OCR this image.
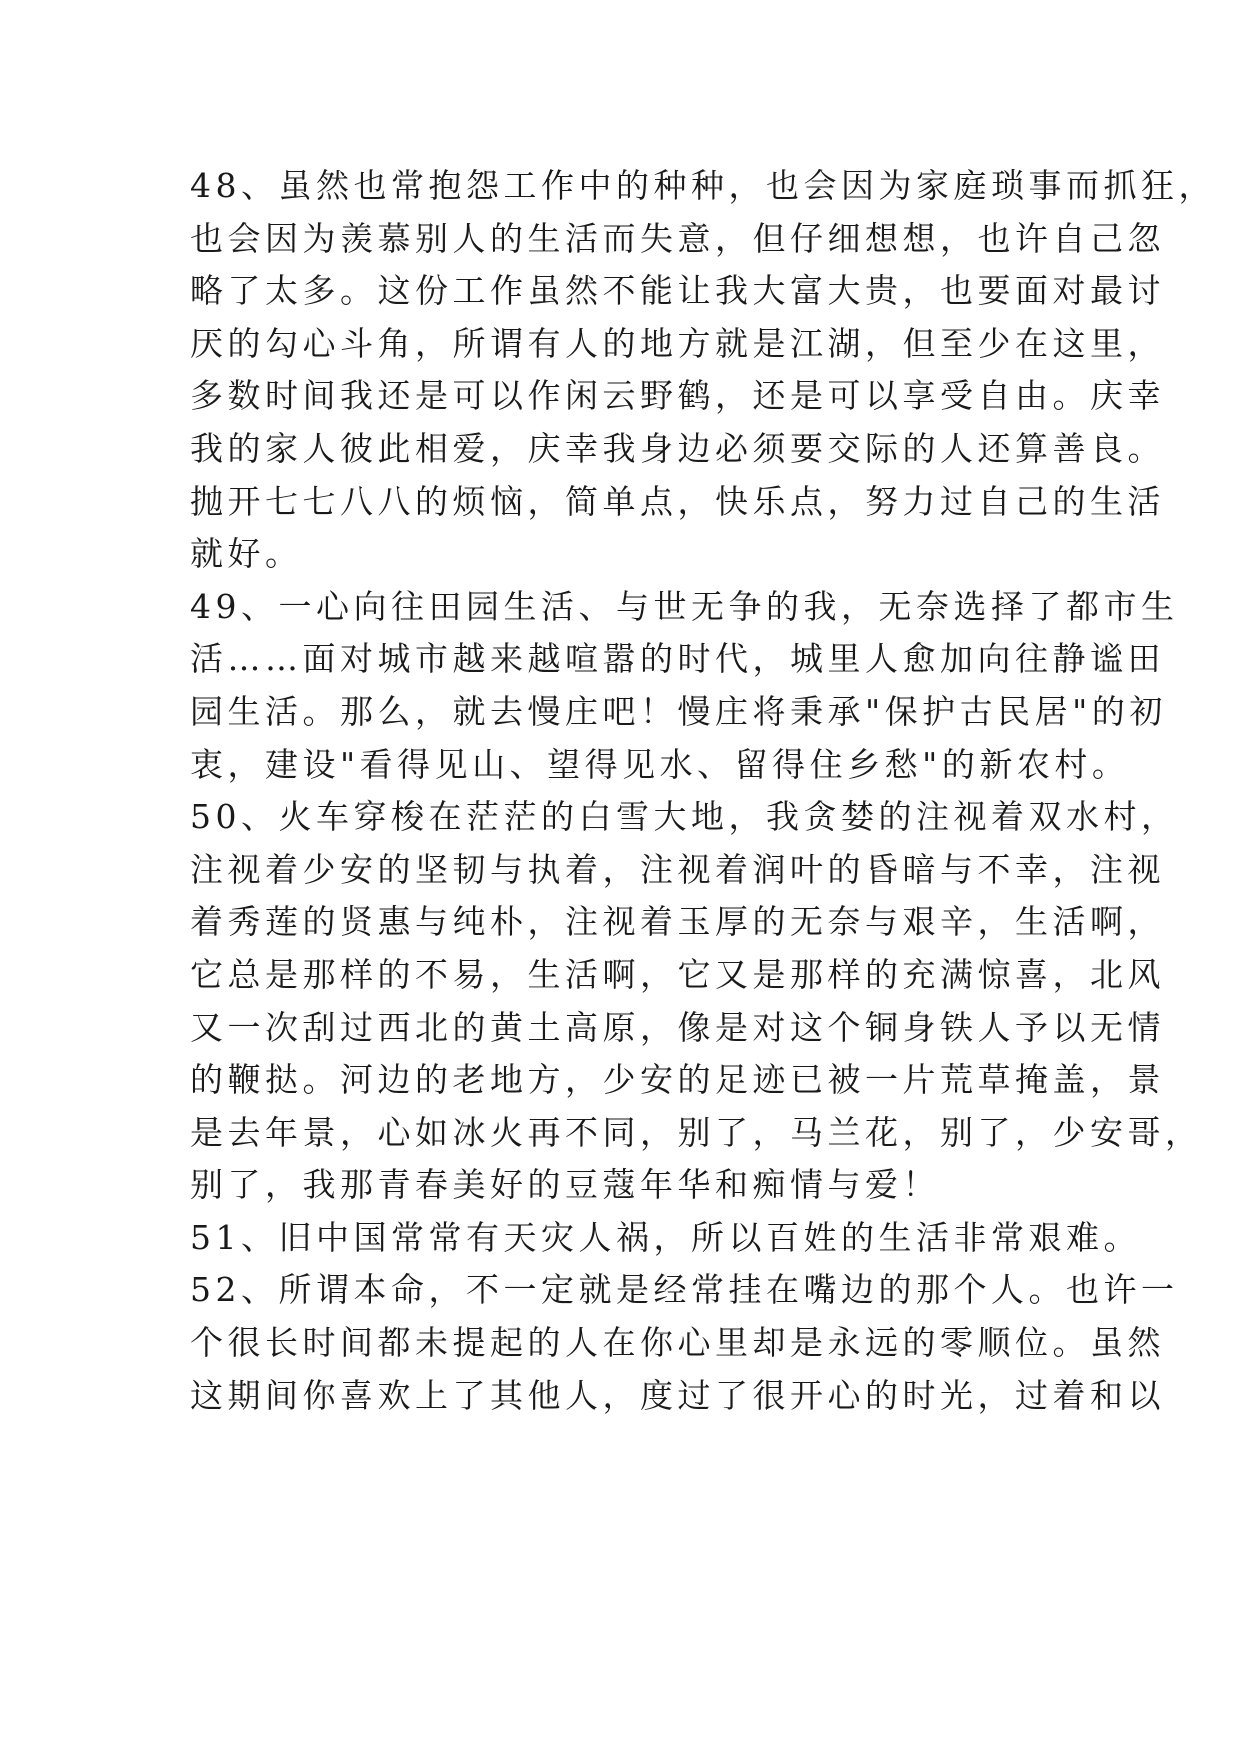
48、虽然也常抱怨工作中的种种，也会因为家庭琐事而抓狂，
也会因为羡慕别人的生活而失意，但仔细想想，也许自己忽
略了太多。这份工作虽然不能让我大富大贵，也要面对最讨
厌的勾心斗角，所谓有人的地方就是江湖，但至少在这里，
多数时间我还是可以作闲云野鹤，还是可以享受自由。庆幸
我的家人彼此相爱，庆幸我身边必须要交际的人还算善良。
抛开七七八八的烦恼，简单点，快乐点，努力过自己的生活
就好。
49、一心向往田园生活、与世无争的我，无奈选择了都市生
活……面对城市越来越喧嚣的时代，城里人愈加向往静谧田
园生活。那么，就去慢庄吧！慢庄将秉承"保护古民居"的初
衷，建设"看得见山、望得见水、留得住乡愁"的新农村。
50、火车穿梭在茫茫的白雪大地，我贪婪的注视着双水村，
注视着少安的坚韧与执着，注视着润叶的昏暗与不幸，注视
着秀莲的贤惠与纯朴，注视着玉厚的无奈与艰辛，生活啊，
它总是那样的不易，生活啊，它又是那样的充满惊喜，北风
又一次刮过西北的黄土高原，像是对这个铜身铁人予以无情
的鞭挞。河边的老地方，少安的足迹已被一片荒草掩盖，景
是去年景，心如冰火再不同，别了，马兰花，别了，少安哥，
别了，我那青春美好的豆蔻年华和痴情与爱！
51、旧中国常常有天灾人祸，所以百姓的生活非常艰难。
52、所谓本命，不一定就是经常挂在嘴边的那个人。也许一
个很长时间都未提起的人在你心里却是永远的零顺位。虽然
这期间你喜欢上了其他人，度过了很开心的时光，过着和以
